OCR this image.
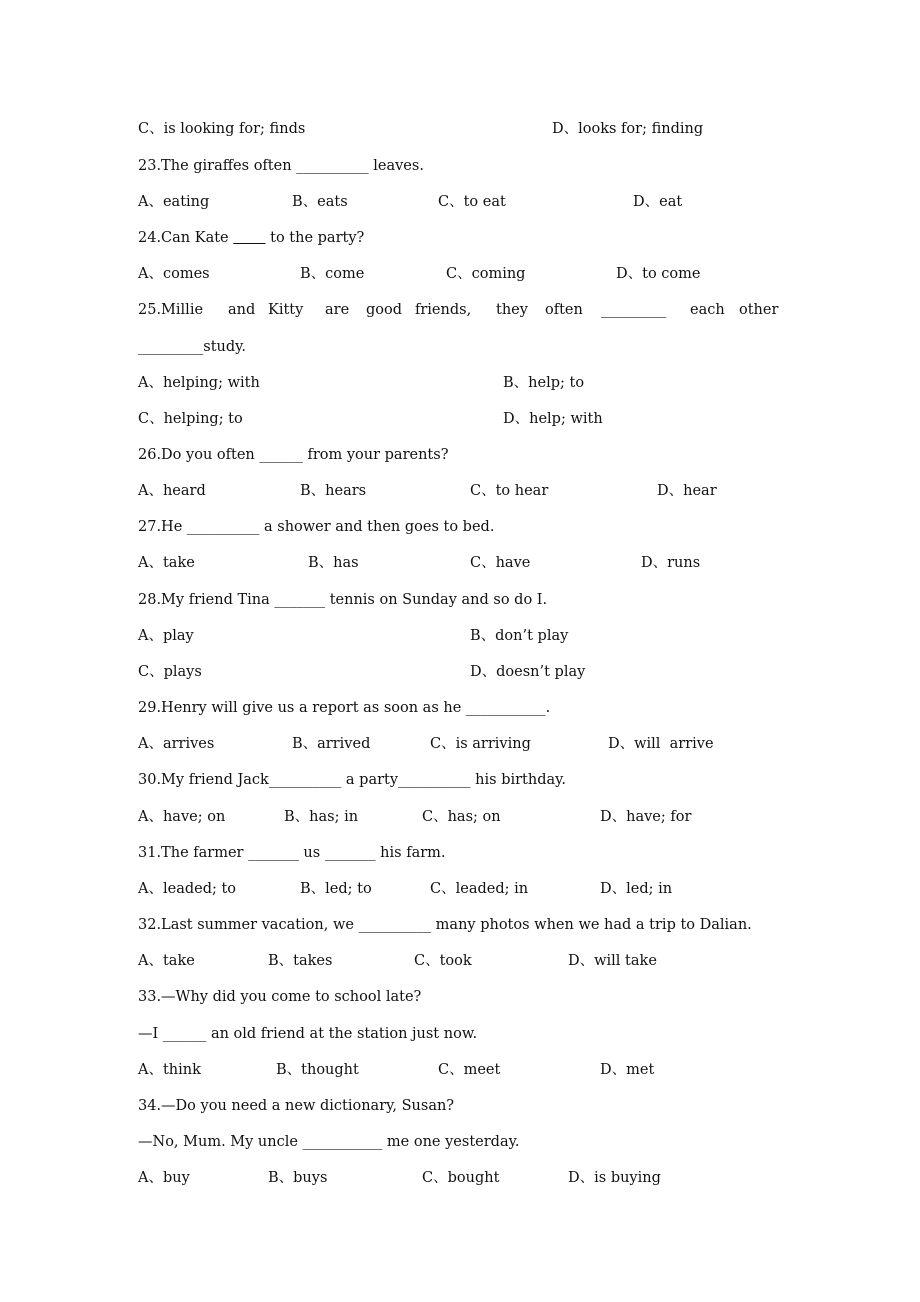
C、is looking for; finds	D、looks for; finding
23.The giraffes often __________ leaves.
A、eating	B、eats	C、to eat	D、eat
24.Can Kate         to the party?
A、comes	B、come	C、coming	D、to come
25.Millie and Kitty are good friends, they often _________ each other
_________study.
A、helping; with	B、help; to
C、helping; to	D、help; with
26.Do you often ______ from your parents?
A、heard	B、hears	C、to hear	D、hear
27.He __________ a shower and then goes to bed.
A、take	B、has	C、have	D、runs
28.My friend Tina _______ tennis on Sunday and so do I.
A、play	B、don’t play
C、plays	D、doesn’t play
29.Henry will give us a report as soon as he ___________.
A、arrives	B、arrived	C、is arriving	D、will  arrive
30.My friend Jack__________ a party__________ his birthday.
A、have; on	B、has; in	C、has; on	D、have; for
31.The farmer _______ us _______ his farm.
A、leaded; to	B、led; to	C、leaded; in	D、led; in
32.Last summer vacation, we __________ many photos when we had a trip to Dalian.
A、take	B、takes	C、took	D、will take
33.—Why did you come to school late?
—I ______ an old friend at the station just now.
A、think	B、thought	C、meet	D、met
34.—Do you need a new dictionary, Susan?
—No, Mum. My uncle ___________ me one yesterday.
A、buy	B、buys	C、bought	D、is buying
